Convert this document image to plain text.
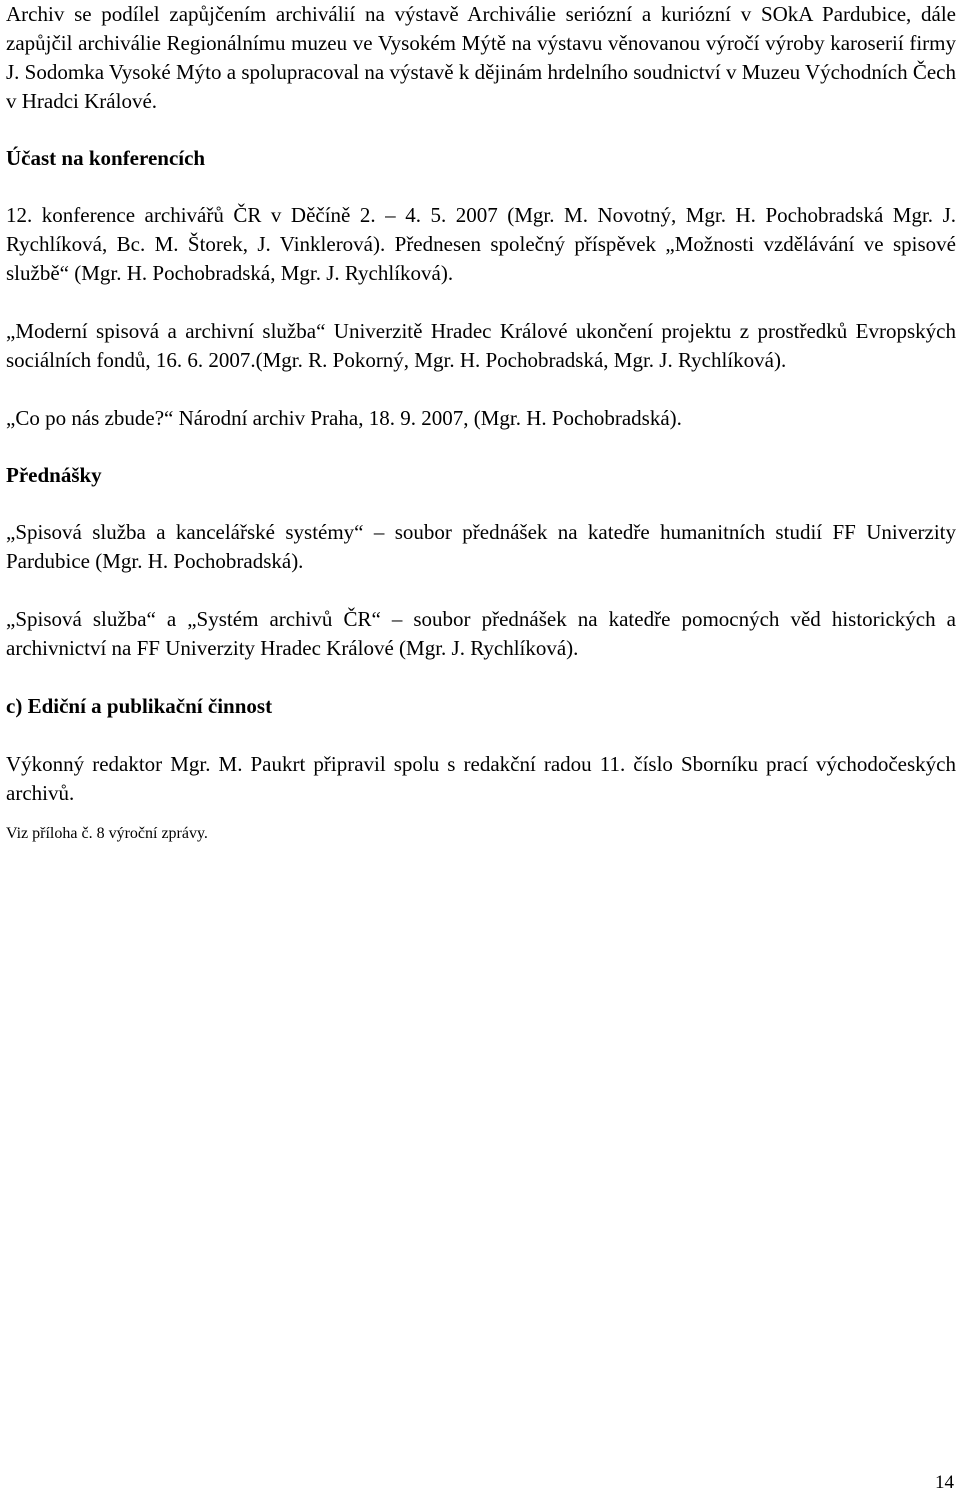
Archiv se podílel zapůjčením archiválií na výstavě Archiválie seriózní a kuriózní v SOkA Pardubice, dále zapůjčil archiválie Regionálnímu muzeu ve Vysokém Mýtě na výstavu věnovanou výročí výroby karoserií firmy J. Sodomka Vysoké Mýto a spolupracoval na výstavě k dějinám hrdelního soudnictví v Muzeu Východních Čech v Hradci Králové.

Účast na konferencích

12. konference archivářů ČR v Děčíně 2. – 4. 5. 2007 (Mgr. M. Novotný, Mgr. H. Pochobradská Mgr. J. Rychlíková, Bc. M. Štorek, J. Vinklerová). Přednesen společný příspěvek „Možnosti vzdělávání ve spisové službě“ (Mgr. H. Pochobradská, Mgr. J. Rychlíková).

„Moderní spisová a archivní služba“ Univerzitě Hradec Králové ukončení projektu z prostředků Evropských sociálních fondů, 16. 6. 2007.(Mgr. R. Pokorný, Mgr. H. Pochobradská, Mgr. J. Rychlíková).

„Co po nás zbude?“ Národní archiv Praha, 18. 9. 2007, (Mgr. H. Pochobradská).

Přednášky

„Spisová služba a kancelářské systémy“ – soubor přednášek na katedře humanitních studií FF Univerzity Pardubice (Mgr. H. Pochobradská).

„Spisová služba“ a „Systém archivů ČR“ – soubor přednášek na katedře pomocných věd historických a archivnictví na FF Univerzity Hradec Králové (Mgr. J. Rychlíková).

c) Ediční a publikační činnost

Výkonný redaktor Mgr. M. Paukrt připravil spolu s redakční radou 11. číslo Sborníku prací východočeských archivů.

Viz příloha č. 8 výroční zprávy.

14
